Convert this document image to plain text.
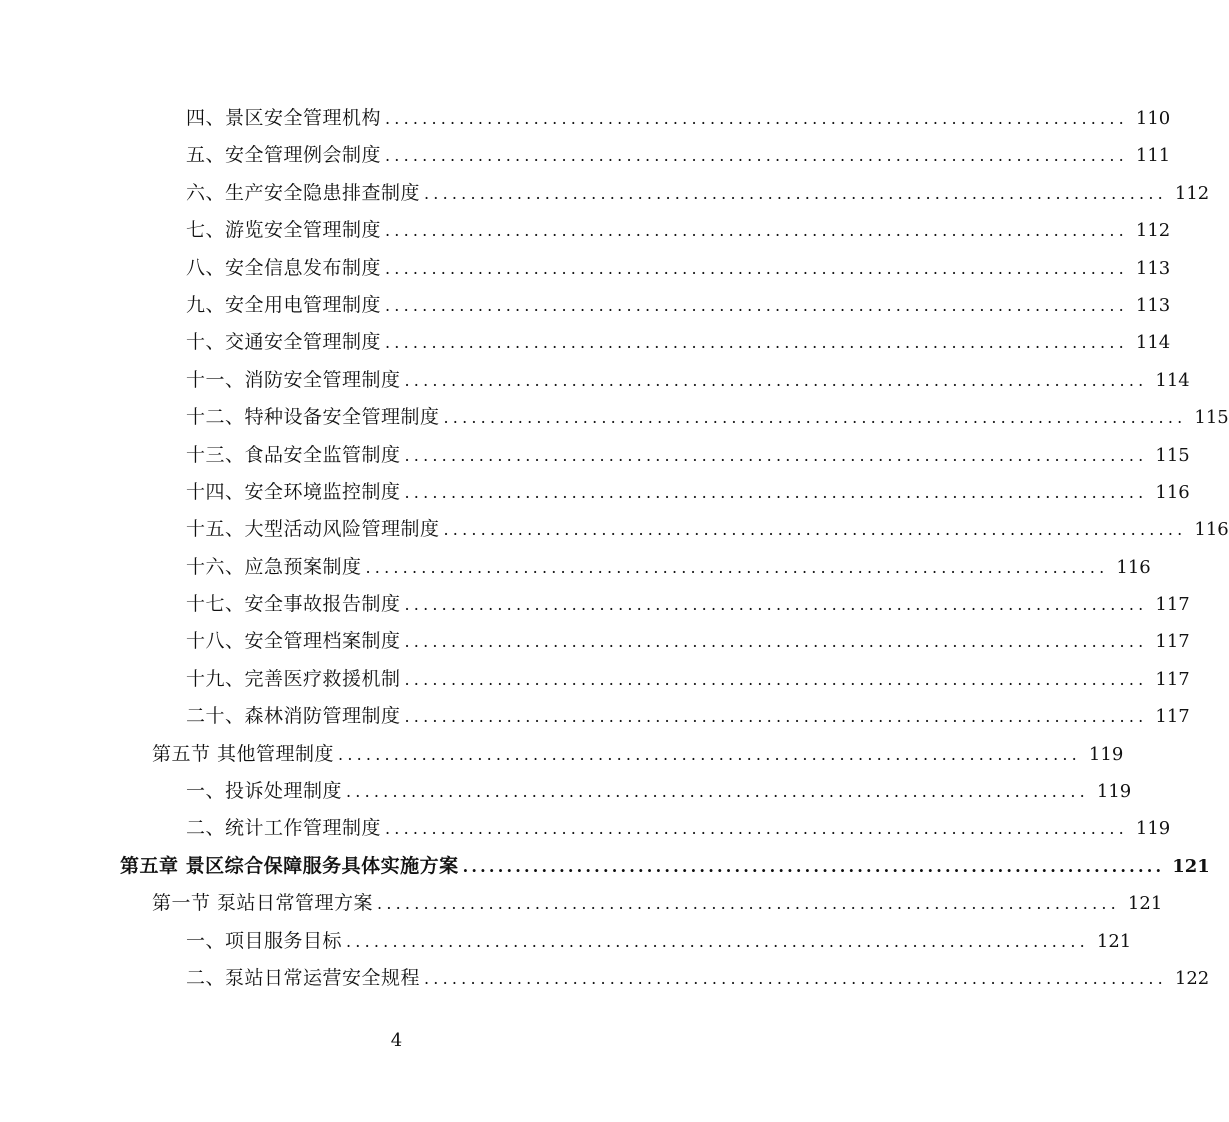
四、景区安全管理机构 ................................................................................ 110
五、安全管理例会制度 ................................................................................ 111
六、生产安全隐患排查制度 ................................................................................ 112
七、游览安全管理制度 ................................................................................ 112
八、安全信息发布制度 ................................................................................ 113
九、安全用电管理制度 ................................................................................ 113
十、交通安全管理制度 ................................................................................ 114
十一、消防安全管理制度 ................................................................................ 114
十二、特种设备安全管理制度 ................................................................................ 115
十三、食品安全监管制度 ................................................................................ 115
十四、安全环境监控制度 ................................................................................ 116
十五、大型活动风险管理制度 ................................................................................ 116
十六、应急预案制度 ................................................................................ 116
十七、安全事故报告制度 ................................................................................ 117
十八、安全管理档案制度 ................................................................................ 117
十九、完善医疗救援机制 ................................................................................ 117
二十、森林消防管理制度 ................................................................................ 117
第五节 其他管理制度 ................................................................................ 119
一、投诉处理制度 ................................................................................ 119
二、统计工作管理制度 ................................................................................ 119
第五章 景区综合保障服务具体实施方案 ................................................................................ 121
第一节 泵站日常管理方案 ................................................................................ 121
一、项目服务目标 ................................................................................ 121
二、泵站日常运营安全规程 ................................................................................ 122
4
